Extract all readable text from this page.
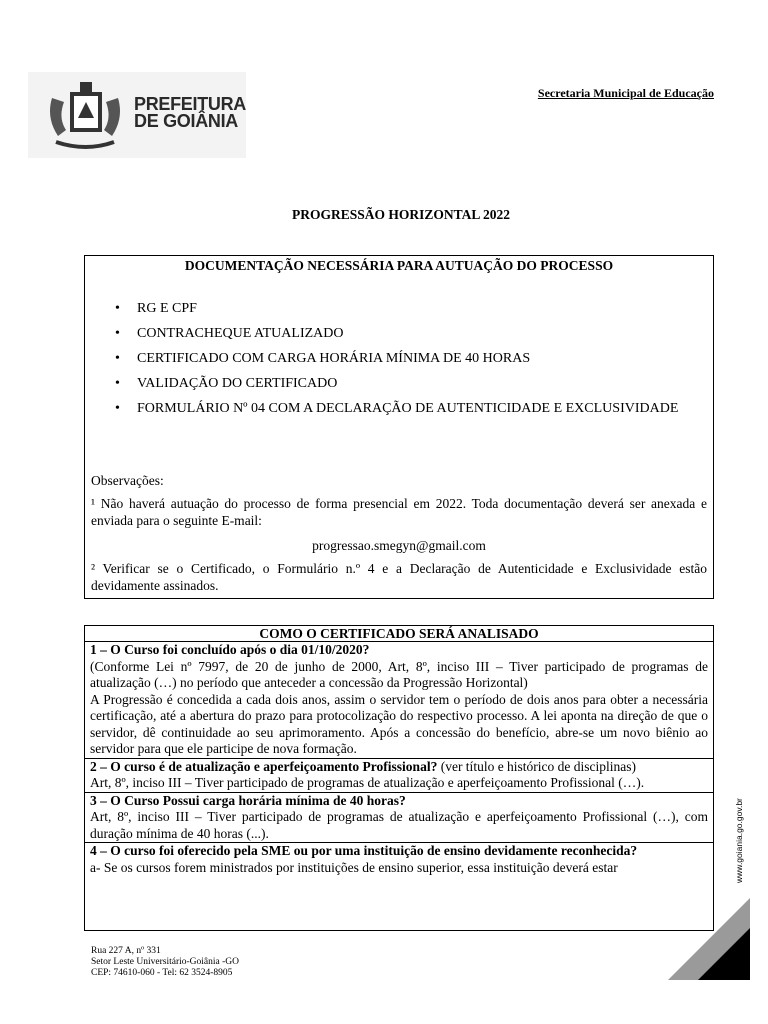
PREFEITURA
DE GOIÂNIA
Secretaria Municipal de Educação
PROGRESSÃO HORIZONTAL 2022
DOCUMENTAÇÃO NECESSÁRIA PARA AUTUAÇÃO DO PROCESSO
• RG E CPF
• CONTRACHEQUE ATUALIZADO
• CERTIFICADO COM CARGA HORÁRIA MÍNIMA DE 40 HORAS
• VALIDAÇÃO DO CERTIFICADO
• FORMULÁRIO Nº 04 COM A DECLARAÇÃO DE AUTENTICIDADE E EXCLUSIVIDADE

Observações:

¹ Não haverá autuação do processo de forma presencial em 2022. Toda documentação deverá ser anexada e enviada para o seguinte E-mail:

progressao.smegyn@gmail.com

² Verificar se o Certificado, o Formulário n.º 4 e a Declaração de Autenticidade e Exclusividade estão devidamente assinados.

COMO O CERTIFICADO SERÁ ANALISADO
1 – O Curso foi concluído após o dia 01/10/2020?
(Conforme Lei nº 7997, de 20 de junho de 2000, Art, 8º, inciso III – Tiver participado de programas de atualização (…) no período que anteceder a concessão da Progressão Horizontal)
A Progressão é concedida a cada dois anos, assim o servidor tem o período de dois anos para obter a necessária certificação, até a abertura do prazo para protocolização do respectivo processo. A lei aponta na direção de que o servidor, dê continuidade ao seu aprimoramento. Após a concessão do benefício, abre-se um novo biênio ao servidor para que ele participe de nova formação.
2 – O curso é de atualização e aperfeiçoamento Profissional? (ver título e histórico de disciplinas)
Art, 8º, inciso III – Tiver participado de programas de atualização e aperfeiçoamento Profissional (…).
3 – O Curso Possui carga horária mínima de 40 horas?
Art, 8º, inciso III – Tiver participado de programas de atualização e aperfeiçoamento Profissional (…), com duração mínima de 40 horas (...).
4 – O curso foi oferecido pela SME ou por uma instituição de ensino devidamente reconhecida?
a- Se os cursos forem ministrados por instituições de ensino superior, essa instituição deverá estar
Rua 227 A, nº 331
Setor Leste Universitário-Goiânia -GO
CEP: 74610-060 - Tel: 62 3524-8905
www.goiania.go.gov.br
